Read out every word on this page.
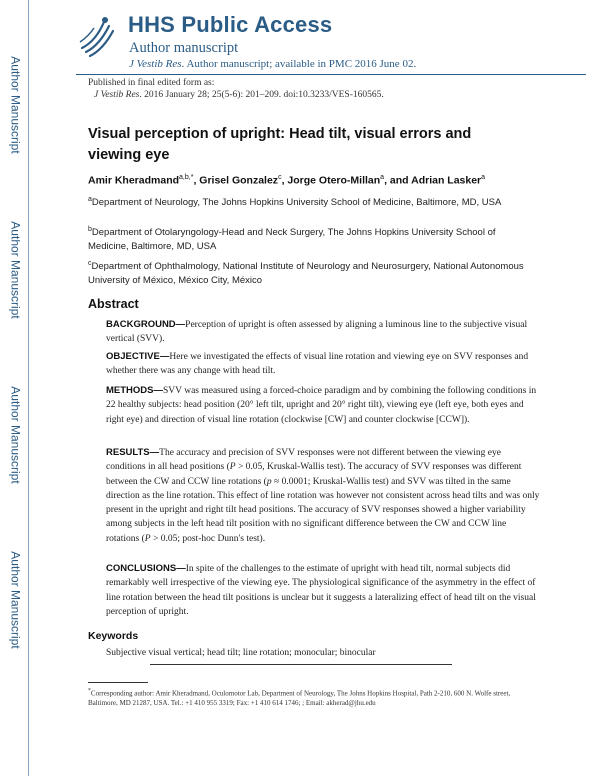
Author Manuscript
Author Manuscript
Author Manuscript
Author Manuscript
HHS Public Access
Author manuscript
J Vestib Res. Author manuscript; available in PMC 2016 June 02.
Published in final edited form as:
J Vestib Res. 2016 January 28; 25(5-6): 201–209. doi:10.3233/VES-160565.
Visual perception of upright: Head tilt, visual errors and viewing eye
Amir Kheradmand$^{a,b,*}$, Grisel Gonzalez$^c$, Jorge Otero-Millan$^a$, and Adrian Lasker$^a$
$^a$Department of Neurology, The Johns Hopkins University School of Medicine, Baltimore, MD, USA
$^b$Department of Otolaryngology-Head and Neck Surgery, The Johns Hopkins University School of Medicine, Baltimore, MD, USA
$^c$Department of Ophthalmology, National Institute of Neurology and Neurosurgery, National Autonomous University of México, México City, México
Abstract
BACKGROUND—Perception of upright is often assessed by aligning a luminous line to the subjective visual vertical (SVV).
OBJECTIVE—Here we investigated the effects of visual line rotation and viewing eye on SVV responses and whether there was any change with head tilt.
METHODS—SVV was measured using a forced-choice paradigm and by combining the following conditions in 22 healthy subjects: head position (20° left tilt, upright and 20° right tilt), viewing eye (left eye, both eyes and right eye) and direction of visual line rotation (clockwise [CW] and counter clockwise [CCW]).
RESULTS—The accuracy and precision of SVV responses were not different between the viewing eye conditions in all head positions (P > 0.05, Kruskal-Wallis test). The accuracy of SVV responses was different between the CW and CCW line rotations (p ≈ 0.0001; Kruskal-Wallis test) and SVV was tilted in the same direction as the line rotation. This effect of line rotation was however not consistent across head tilts and was only present in the upright and right tilt head positions. The accuracy of SVV responses showed a higher variability among subjects in the left head tilt position with no significant difference between the CW and CCW line rotations (P > 0.05; post-hoc Dunn's test).
CONCLUSIONS—In spite of the challenges to the estimate of upright with head tilt, normal subjects did remarkably well irrespective of the viewing eye. The physiological significance of the asymmetry in the effect of line rotation between the head tilt positions is unclear but it suggests a lateralizing effect of head tilt on the visual perception of upright.
Keywords
Subjective visual vertical; head tilt; line rotation; monocular; binocular
*Corresponding author: Amir Kheradmand, Oculomotor Lab, Department of Neurology, The Johns Hopkins Hospital, Path 2-210, 600 N. Wolfe street, Baltimore, MD 21287, USA. Tel.: +1 410 955 3319; Fax: +1 410 614 1746; ; Email: akherad@jhu.edu
